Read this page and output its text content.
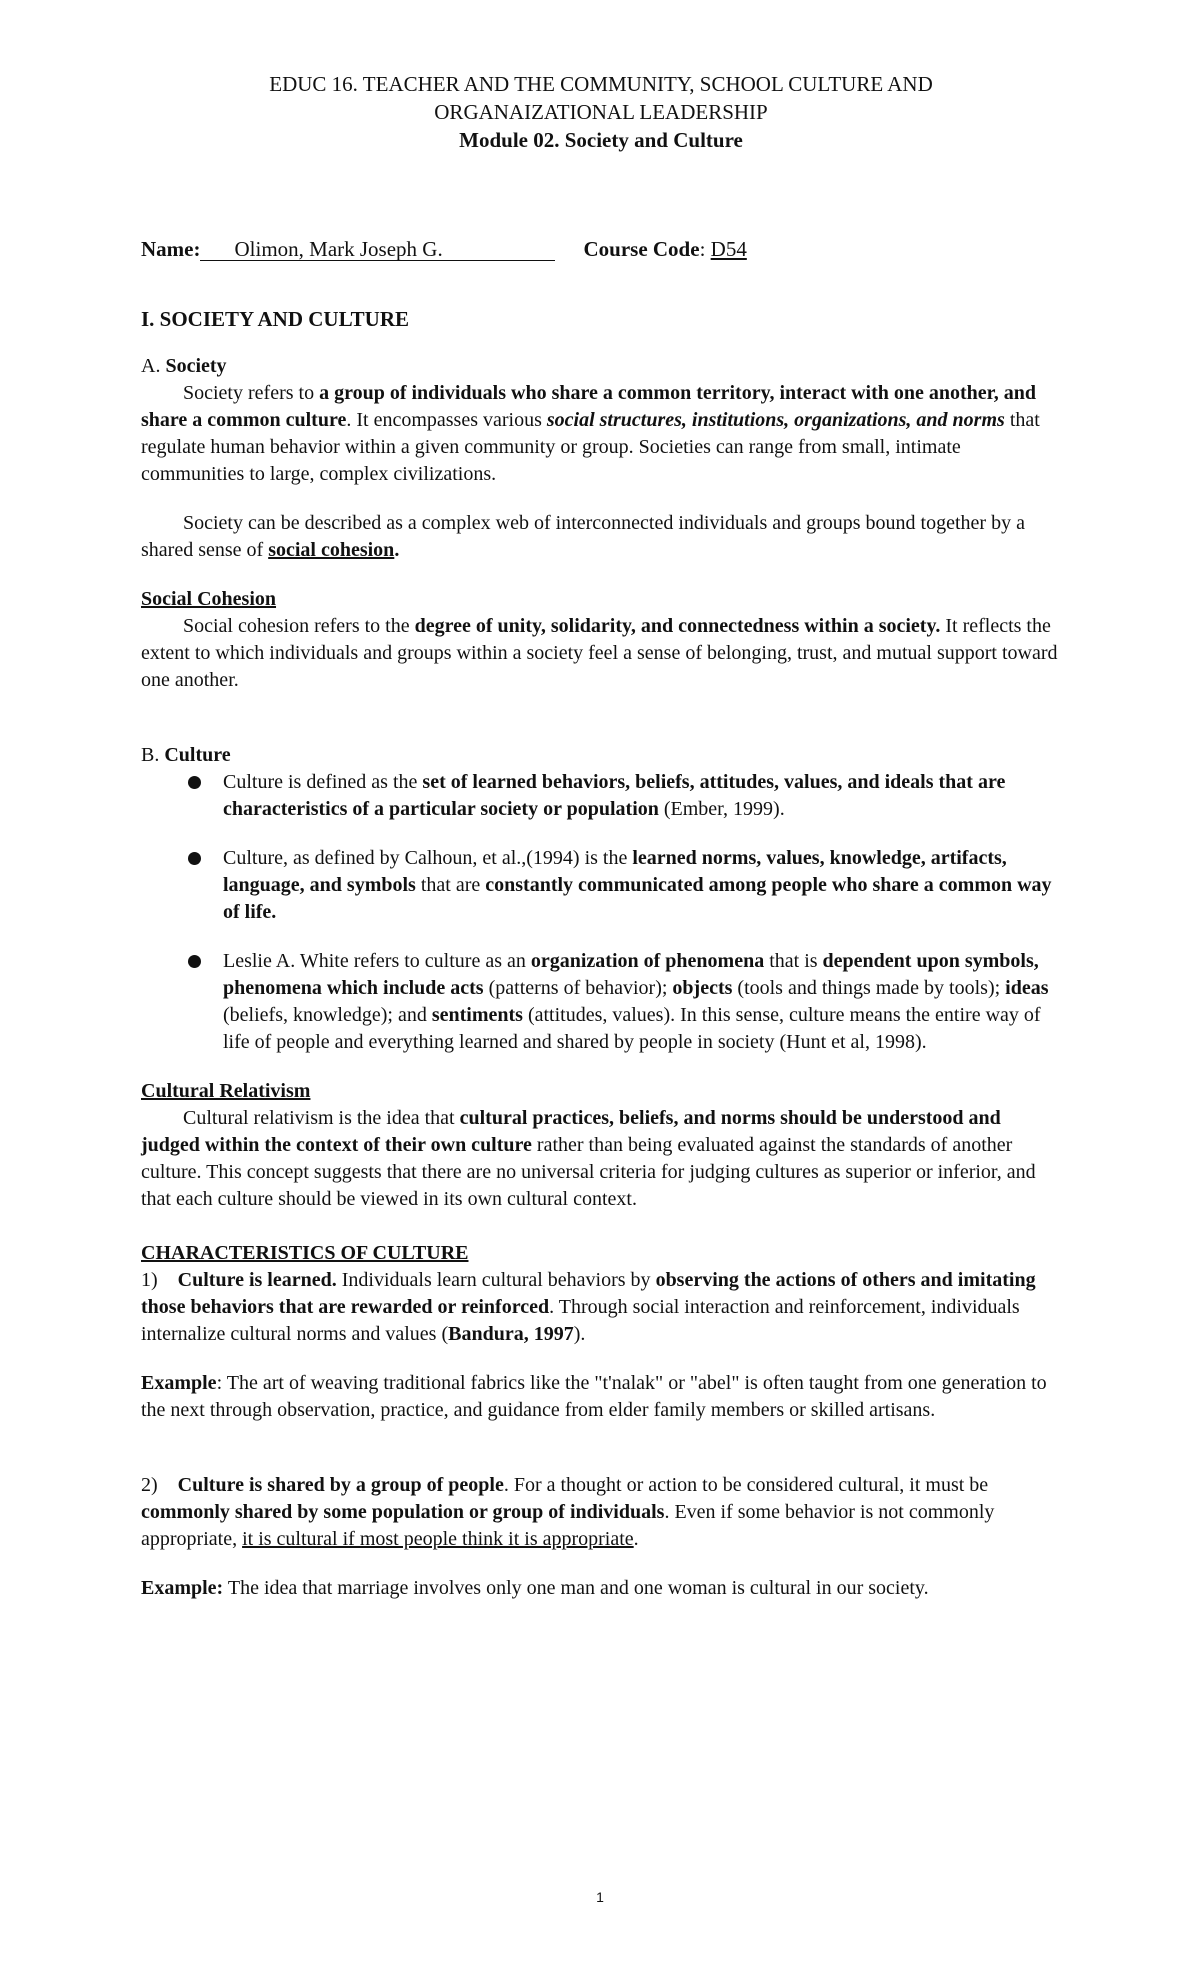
EDUC 16. TEACHER AND THE COMMUNITY, SCHOOL CULTURE AND
ORGANAIZATIONAL LEADERSHIP
Module 02. Society and Culture
Name: Olimon, Mark Joseph G.	Course Code: D54
I. SOCIETY AND CULTURE
A. Society

Society refers to a group of individuals who share a common territory, interact with one another, and share a common culture. It encompasses various social structures, institutions, organizations, and norms that regulate human behavior within a given community or group. Societies can range from small, intimate communities to large, complex civilizations.

Society can be described as a complex web of interconnected individuals and groups bound together by a shared sense of social cohesion.

Social Cohesion

Social cohesion refers to the degree of unity, solidarity, and connectedness within a society. It reflects the extent to which individuals and groups within a society feel a sense of belonging, trust, and mutual support toward one another.

B. Culture

Culture is defined as the set of learned behaviors, beliefs, attitudes, values, and ideals that are characteristics of a particular society or population (Ember, 1999).

Culture, as defined by Calhoun, et al.,(1994) is the learned norms, values, knowledge, artifacts, language, and symbols that are constantly communicated among people who share a common way of life.

Leslie A. White refers to culture as an organization of phenomena that is dependent upon symbols, phenomena which include acts (patterns of behavior); objects (tools and things made by tools); ideas (beliefs, knowledge); and sentiments (attitudes, values). In this sense, culture means the entire way of life of people and everything learned and shared by people in society (Hunt et al, 1998).

Cultural Relativism

Cultural relativism is the idea that cultural practices, beliefs, and norms should be understood and judged within the context of their own culture rather than being evaluated against the standards of another culture. This concept suggests that there are no universal criteria for judging cultures as superior or inferior, and that each culture should be viewed in its own cultural context.

CHARACTERISTICS OF CULTURE

1) Culture is learned. Individuals learn cultural behaviors by observing the actions of others and imitating those behaviors that are rewarded or reinforced. Through social interaction and reinforcement, individuals internalize cultural norms and values (Bandura, 1997).

Example: The art of weaving traditional fabrics like the "t'nalak" or "abel" is often taught from one generation to the next through observation, practice, and guidance from elder family members or skilled artisans.

2) Culture is shared by a group of people. For a thought or action to be considered cultural, it must be commonly shared by some population or group of individuals. Even if some behavior is not commonly appropriate, it is cultural if most people think it is appropriate.

Example: The idea that marriage involves only one man and one woman is cultural in our society.

1
